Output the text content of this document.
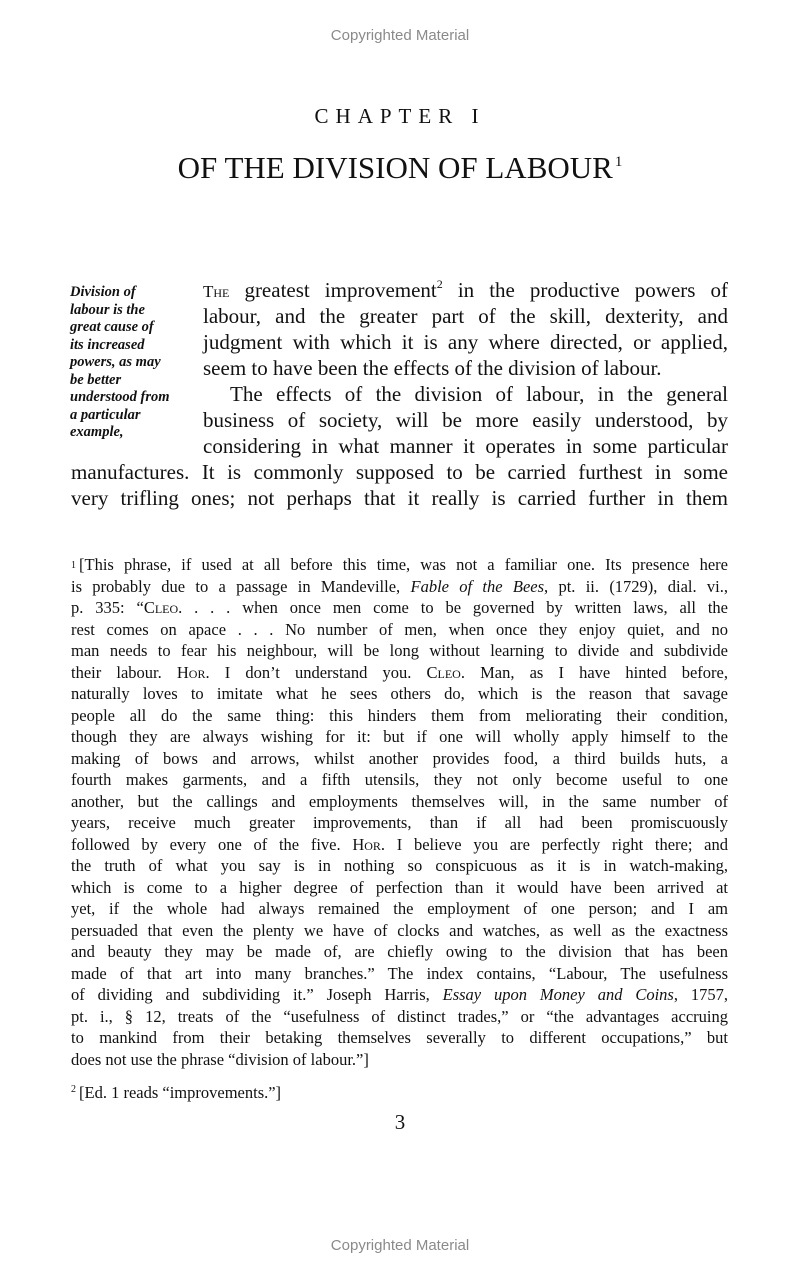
Copyrighted Material
CHAPTER I
OF THE DIVISION OF LABOUR $^1$
Division of
labour is the
great cause of
its increased
powers, as may
be better
understood from
a particular
example,
The greatest improvement$^2$ in the productive powers of
labour, and the greater part of the skill, dexterity, and
judgment with which it is any where directed, or applied,
seem to have been the effects of the division of labour.
The effects of the division of labour, in the general
business of society, will be more easily understood, by
considering in what manner it operates in some particular
manufactures. It is commonly supposed to be carried furthest in some
very trifling ones; not perhaps that it really is carried further in them
$^1$ [This phrase, if used at all before this time, was not a familiar one. Its presence here
is probably due to a passage in Mandeville, Fable of the Bees, pt. ii. (1729), dial. vi.,
p. 335: “Cleo. . . . when once men come to be governed by written laws, all the
rest comes on apace . . . No number of men, when once they enjoy quiet, and no
man needs to fear his neighbour, will be long without learning to divide and subdivide
their labour. Hor. I don’t understand you. Cleo. Man, as I have hinted before,
naturally loves to imitate what he sees others do, which is the reason that savage
people all do the same thing: this hinders them from meliorating their condition,
though they are always wishing for it: but if one will wholly apply himself to the
making of bows and arrows, whilst another provides food, a third builds huts, a
fourth makes garments, and a fifth utensils, they not only become useful to one
another, but the callings and employments themselves will, in the same number of
years, receive much greater improvements, than if all had been promiscuously
followed by every one of the five. Hor. I believe you are perfectly right there; and
the truth of what you say is in nothing so conspicuous as it is in watch-making,
which is come to a higher degree of perfection than it would have been arrived at
yet, if the whole had always remained the employment of one person; and I am
persuaded that even the plenty we have of clocks and watches, as well as the exactness
and beauty they may be made of, are chiefly owing to the division that has been
made of that art into many branches.” The index contains, “Labour, The usefulness
of dividing and subdividing it.” Joseph Harris, Essay upon Money and Coins, 1757,
pt. i., § 12, treats of the “usefulness of distinct trades,” or “the advantages accruing
to mankind from their betaking themselves severally to different occupations,” but
does not use the phrase “division of labour.”]
$^2$ [Ed. 1 reads “improvements.”]
3
Copyrighted Material
